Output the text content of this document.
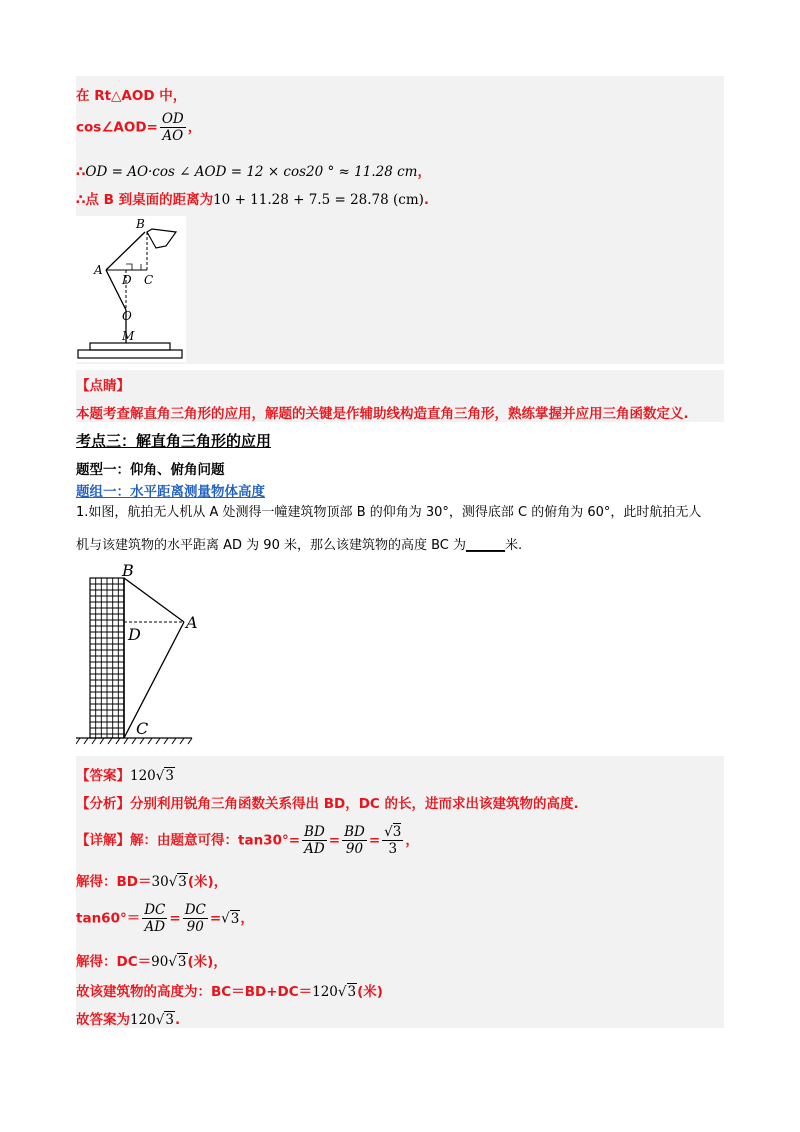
在 Rt△AOD 中，
cos∠AOD= $\frac{OD}{AO}$ ，
∴OD = AO·cos ∠ AOD = 12 × cos20 ° ≈ 11.28 cm，
∴点 B 到桌面的距离为10 + 11.28 + 7.5 = 28.78 (cm).
B
A
D C
O
M
【点睛】
本题考查解直角三角形的应用，解题的关键是作辅助线构造直角三角形，熟练掌握并应用三角函数定义.
考点三：解直角三角形的应用
题型一：仰角、俯角问题
题组一：水平距离测量物体高度
1.如图，航拍无人机从 A 处测得一幢建筑物顶部 B 的仰角为 30°，测得底部 C 的俯角为 60°，此时航拍无人
机与该建筑物的水平距离 AD 为 90 米，那么该建筑物的高度 BC 为______米.
B
A
D
C
【答案】120√3
【分析】分别利用锐角三角函数关系得出 BD，DC 的长，进而求出该建筑物的高度.
【详解】解：由题意可得：$\tan 30^\circ= \frac{BD}{AD} = \frac{BD}{90} = \frac{√3}{3}$ ，
解得：BD＝30√3(米)，
$\tan 60^\circ= \frac{DC}{AD} = \frac{DC}{90} =√3$，
解得：DC＝90√3(米)，
故该建筑物的高度为：BC＝BD+DC＝120√3(米)
故答案为120√3.
